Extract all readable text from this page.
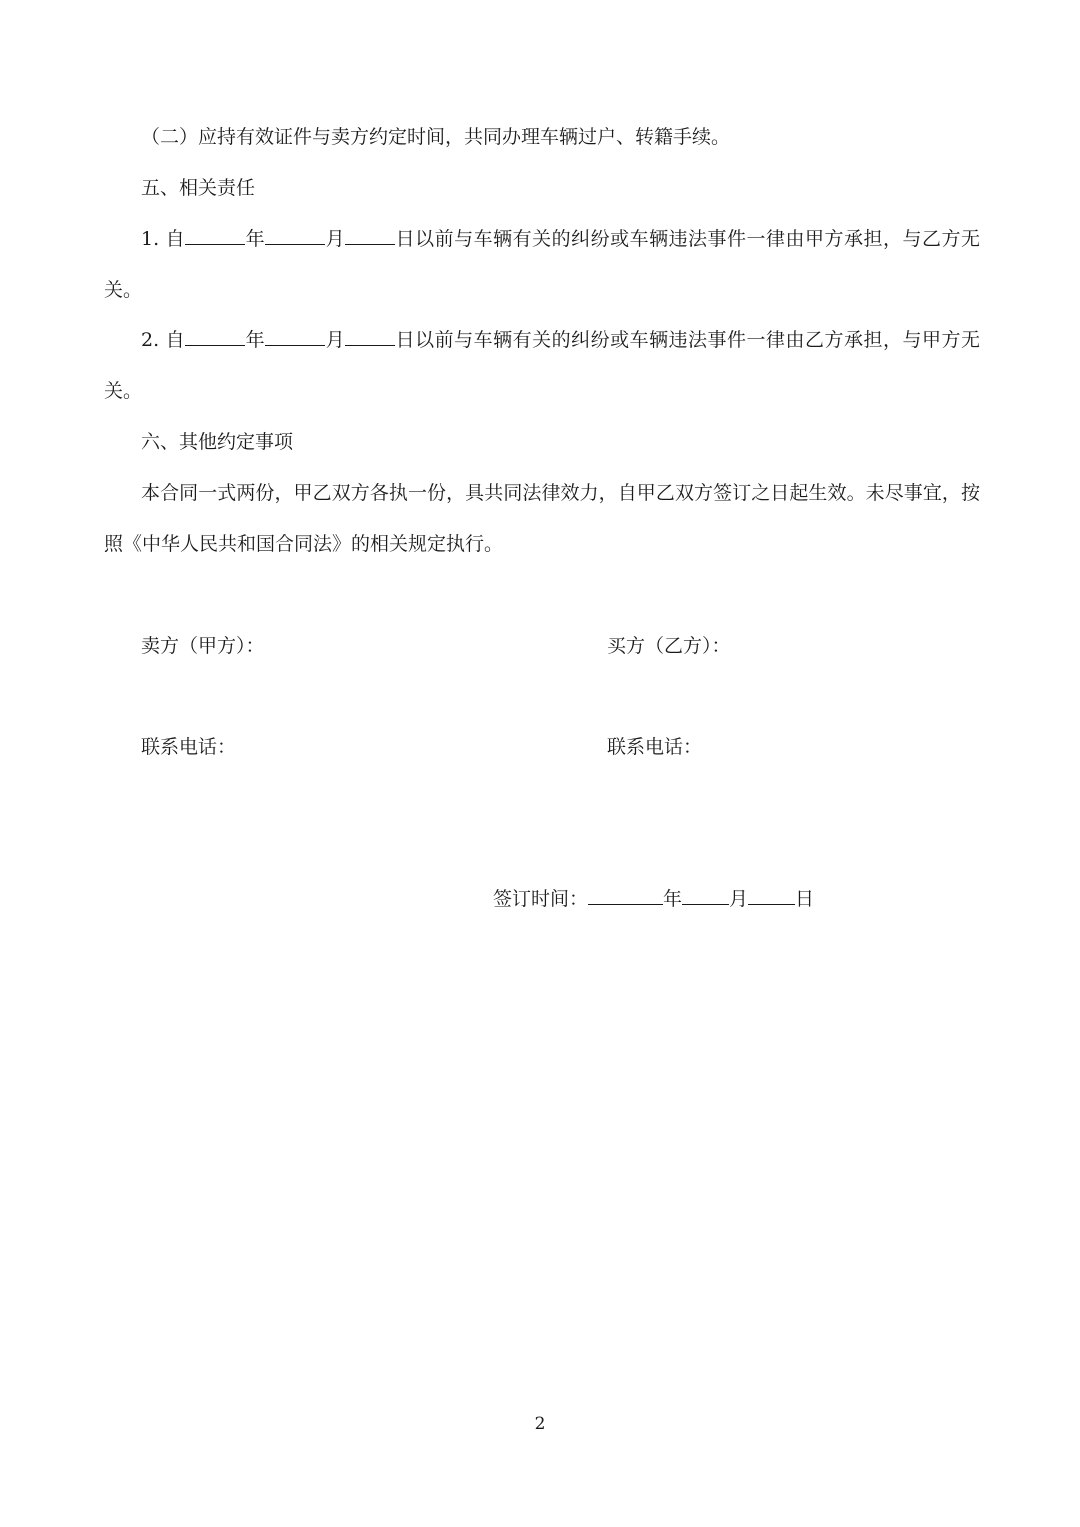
（二）应持有效证件与卖方约定时间，共同办理车辆过户、转籍手续。
五、相关责任
1. 自	年	月	日以前与车辆有关的纠纷或车辆违法事件一律由甲方承担，与乙方无
关。
2. 自	年	月	日以前与车辆有关的纠纷或车辆违法事件一律由乙方承担，与甲方无
关。
六、其他约定事项
本合同一式两份，甲乙双方各执一份，具共同法律效力，自甲乙双方签订之日起生效。未尽事宜，按
照《中华人民共和国合同法》的相关规定执行。
卖方（甲方）：	买方（乙方）：
联系电话：	联系电话：
签订时间：	年 月 日
2
